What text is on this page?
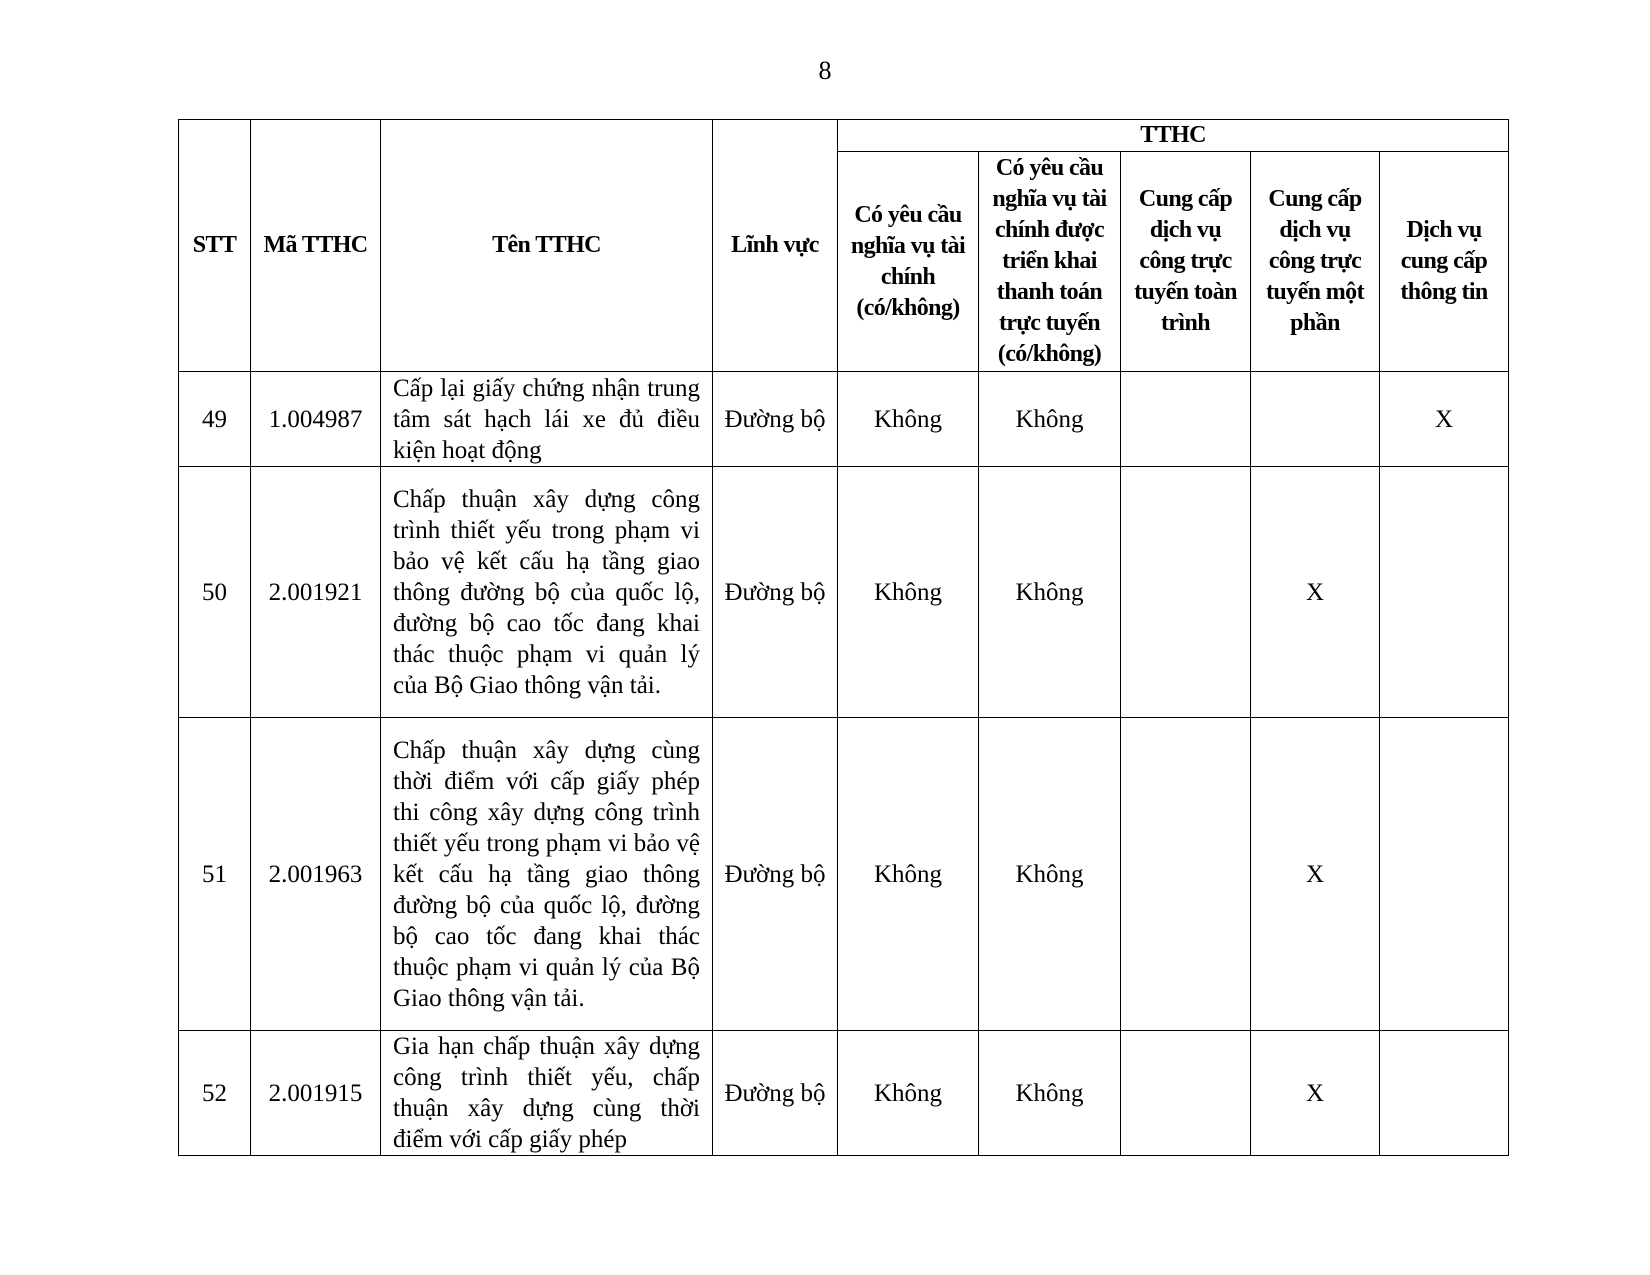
8
STT	Mã TTHC	Tên TTHC	Lĩnh vực	TTHC				
				Có yêu cầu nghĩa vụ tài chính (có/không)	Có yêu cầu nghĩa vụ tài chính được triển khai thanh toán trực tuyến (có/không)	Cung cấp dịch vụ công trực tuyến toàn trình	Cung cấp dịch vụ công trực tuyến một phần	Dịch vụ cung cấp thông tin
49	1.004987	Cấp lại giấy chứng nhận trung tâm sát hạch lái xe đủ điều kiện hoạt động	Đường bộ	Không	Không			X
50	2.001921	Chấp thuận xây dựng công trình thiết yếu trong phạm vi bảo vệ kết cấu hạ tầng giao thông đường bộ của quốc lộ, đường bộ cao tốc đang khai thác thuộc phạm vi quản lý của Bộ Giao thông vận tải.	Đường bộ	Không	Không		X	
51	2.001963	Chấp thuận xây dựng cùng thời điểm với cấp giấy phép thi công xây dựng công trình thiết yếu trong phạm vi bảo vệ kết cấu hạ tầng giao thông đường bộ của quốc lộ, đường bộ cao tốc đang khai thác thuộc phạm vi quản lý của Bộ Giao thông vận tải.	Đường bộ	Không	Không		X	
52	2.001915	Gia hạn chấp thuận xây dựng công trình thiết yếu, chấp thuận xây dựng cùng thời điểm với cấp giấy phép	Đường bộ	Không	Không		X	
